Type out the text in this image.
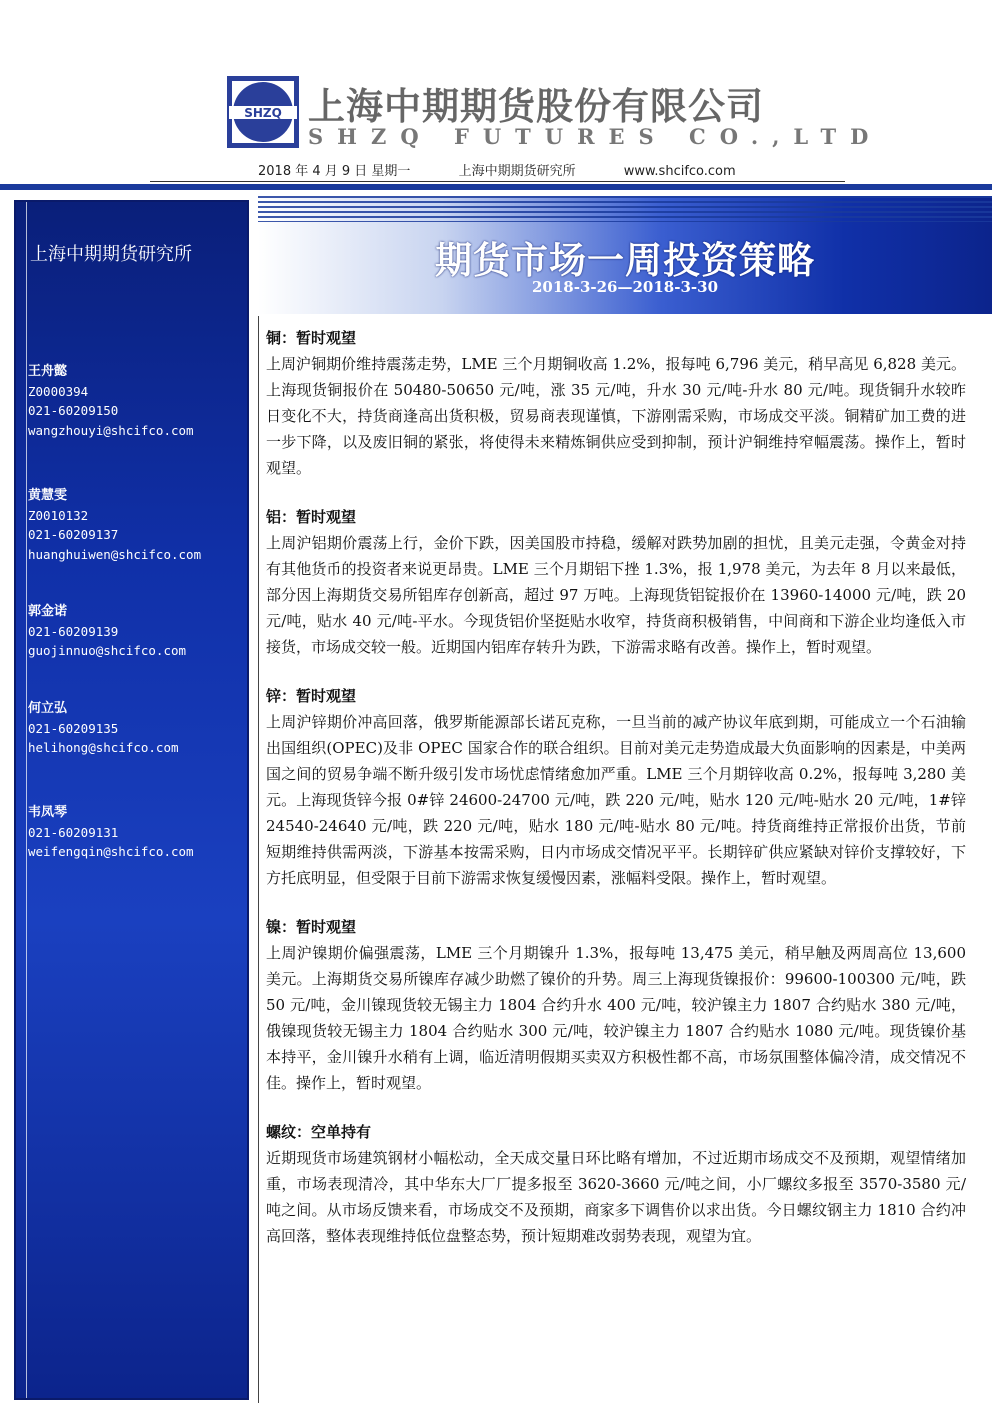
SHZQ 上海中期期货股份有限公司
SHZQ FUTURES CO.,LTD
2018 年 4 月 9 日 星期一	上海中期期货研究所	www.shcifco.com
上海中期期货研究所
王舟懿
Z0000394
021-60209150
wangzhouyi@shcifco.com
黄慧雯
Z0010132
021-60209137
huanghuiwen@shcifco.com
郭金诺
021-60209139
guojinnuo@shcifco.com
何立弘
021-60209135
helihong@shcifco.com
韦凤琴
021-60209131
weifengqin@shcifco.com
期货市场一周投资策略
2018-3-26—2018-3-30
铜：暂时观望

上周沪铜期价维持震荡走势，LME 三个月期铜收高 1.2%，报每吨 6,796 美元，稍早高见 6,828 美元。上海现货铜报价在 50480-50650 元/吨，涨 35 元/吨，升水 30 元/吨-升水 80 元/吨。现货铜升水较昨日变化不大，持货商逢高出货积极，贸易商表现谨慎，下游刚需采购，市场成交平淡。铜精矿加工费的进一步下降，以及废旧铜的紧张，将使得未来精炼铜供应受到抑制，预计沪铜维持窄幅震荡。操作上，暂时观望。

铝：暂时观望

上周沪铝期价震荡上行，金价下跌，因美国股市持稳，缓解对跌势加剧的担忧，且美元走强，令黄金对持有其他货币的投资者来说更昂贵。LME 三个月期铝下挫 1.3%，报 1,978 美元，为去年 8 月以来最低，部分因上海期货交易所铝库存创新高，超过 97 万吨。上海现货铝锭报价在 13960-14000 元/吨，跌 20 元/吨，贴水 40 元/吨-平水。今现货铝价坚挺贴水收窄，持货商积极销售，中间商和下游企业均逢低入市接货，市场成交较一般。近期国内铝库存转升为跌，下游需求略有改善。操作上，暂时观望。

锌：暂时观望

上周沪锌期价冲高回落，俄罗斯能源部长诺瓦克称，一旦当前的减产协议年底到期，可能成立一个石油输出国组织(OPEC)及非 OPEC 国家合作的联合组织。目前对美元走势造成最大负面影响的因素是，中美两国之间的贸易争端不断升级引发市场忧虑情绪愈加严重。LME 三个月期锌收高 0.2%，报每吨 3,280 美元。上海现货锌今报 0#锌 24600-24700 元/吨，跌 220 元/吨，贴水 120 元/吨-贴水 20 元/吨，1#锌 24540-24640 元/吨，跌 220 元/吨，贴水 180 元/吨-贴水 80 元/吨。持货商维持正常报价出货，节前短期维持供需两淡，下游基本按需采购，日内市场成交情况平平。长期锌矿供应紧缺对锌价支撑较好，下方托底明显，但受限于目前下游需求恢复缓慢因素，涨幅料受限。操作上，暂时观望。

镍：暂时观望

上周沪镍期价偏强震荡，LME 三个月期镍升 1.3%，报每吨 13,475 美元，稍早触及两周高位 13,600 美元。上海期货交易所镍库存减少助燃了镍价的升势。周三上海现货镍报价：99600-100300 元/吨，跌 50 元/吨，金川镍现货较无锡主力 1804 合约升水 400 元/吨，较沪镍主力 1807 合约贴水 380 元/吨，俄镍现货较无锡主力 1804 合约贴水 300 元/吨，较沪镍主力 1807 合约贴水 1080 元/吨。现货镍价基本持平，金川镍升水稍有上调，临近清明假期买卖双方积极性都不高，市场氛围整体偏冷清，成交情况不佳。操作上，暂时观望。

螺纹：空单持有

近期现货市场建筑钢材小幅松动，全天成交量日环比略有增加，不过近期市场成交不及预期，观望情绪加重，市场表现清冷，其中华东大厂厂提多报至 3620-3660 元/吨之间，小厂螺纹多报至 3570-3580 元/吨之间。从市场反馈来看，市场成交不及预期，商家多下调售价以求出货。今日螺纹钢主力 1810 合约冲高回落，整体表现维持低位盘整态势，预计短期难改弱势表现，观望为宜。
